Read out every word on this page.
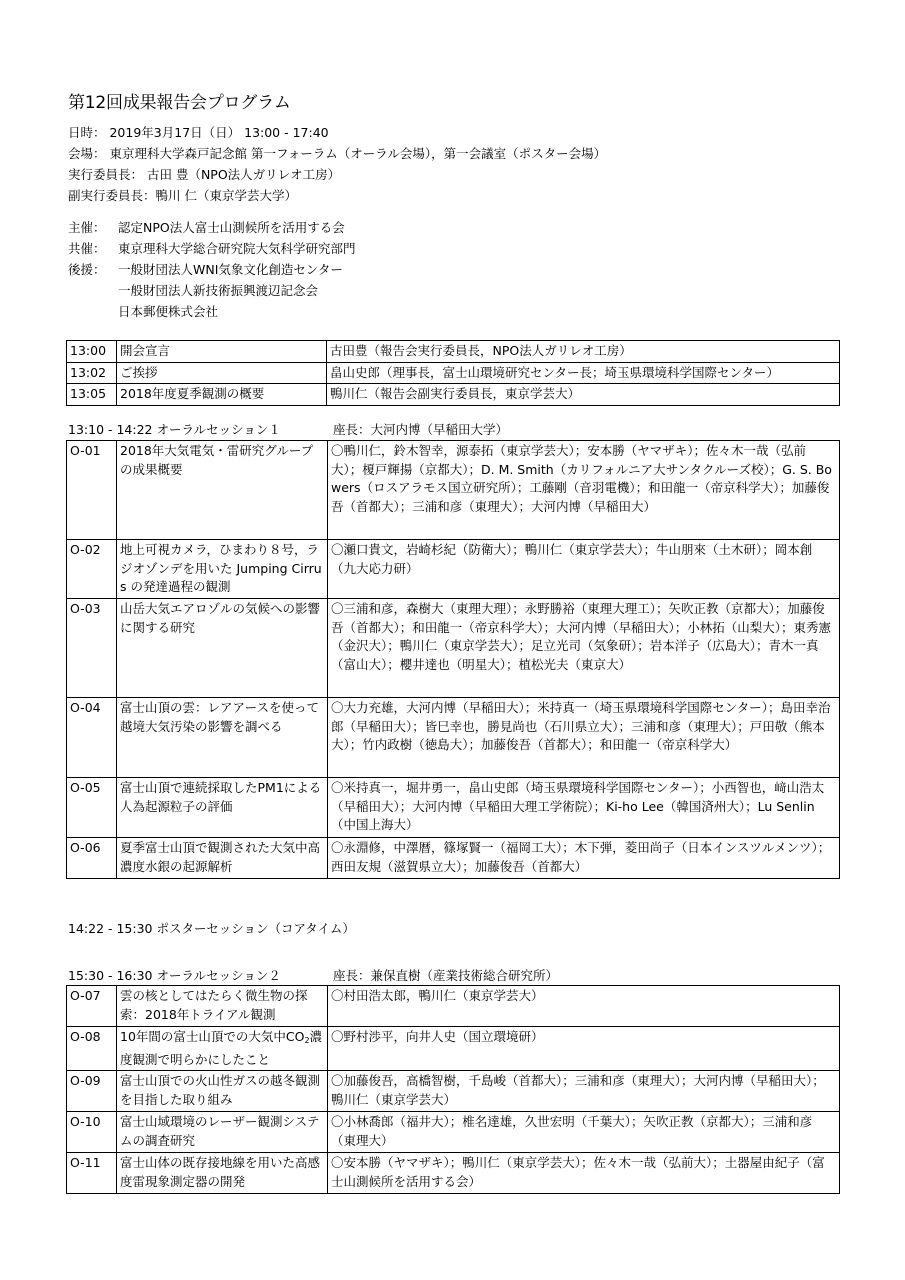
第12回成果報告会プログラム
日時： 2019年3月17日（日） 13:00 - 17:40
会場： 東京理科大学森戸記念館 第一フォーラム（オーラル会場），第一会議室（ポスター会場）
実行委員長： 古田 豊（NPO法人ガリレオ工房）
副実行委員長：鴨川 仁（東京学芸大学）
主催： 認定NPO法人富士山測候所を活用する会
共催： 東京理科大学総合研究院大気科学研究部門
後援： 一般財団法人WNI気象文化創造センター
一般財団法人新技術振興渡辺記念会
日本郵便株式会社
13:00	開会宣言	古田豊（報告会実行委員長，NPO法人ガリレオ工房）
13:02	ご挨拶	畠山史郎（理事長，富士山環境研究センター長；埼玉県環境科学国際センター）
13:05	2018年度夏季観測の概要	鴨川仁（報告会副実行委員長，東京学芸大）
13:10 - 14:22 オーラルセッション１	座長：大河内博（早稲田大学）
O-01	2018年大気電気・雷研究グループの成果概要	〇鴨川仁，鈴木智幸，源泰拓（東京学芸大）；安本勝（ヤマザキ）；佐々木一哉（弘前大）；榎戸輝揚（京都大）；D. M. Smith（カリフォルニア大サンタクルーズ校）；G. S. Bowers（ロスアラモス国立研究所）；工藤剛（音羽電機）；和田龍一（帝京科学大）；加藤俊吾（首都大）；三浦和彦（東理大）；大河内博（早稲田大）
O-02	地上可視カメラ，ひまわり８号，ラジオゾンデを用いた Jumping Cirrus の発達過程の観測	〇瀬口貴文，岩崎杉紀（防衛大）；鴨川仁（東京学芸大）；牛山朋來（土木研）；岡本創（九大応力研）
O-03	山岳大気エアロゾルの気候への影響に関する研究	〇三浦和彦，森樹大（東理大理）；永野勝裕（東理大理工）；矢吹正教（京都大）；加藤俊吾（首都大）；和田龍一（帝京科学大）；大河内博（早稲田大）；小林拓（山梨大）；東秀憲（金沢大）；鴨川仁（東京学芸大）；足立光司（気象研）；岩本洋子（広島大）；青木一真（富山大）；櫻井達也（明星大）；植松光夫（東京大）
O-04	富士山頂の雲：レアアースを使って越境大気汚染の影響を調べる	〇大力充雄，大河内博（早稲田大）；米持真一（埼玉県環境科学国際センター）；島田幸治郎（早稲田大）；皆巳幸也，勝見尚也（石川県立大）；三浦和彦（東理大）；戸田敬（熊本大）；竹内政樹（徳島大）；加藤俊吾（首都大）；和田龍一（帝京科学大）
O-05	富士山頂で連続採取したPM1による人為起源粒子の評価	〇米持真一，堀井勇一，畠山史郎（埼玉県環境科学国際センター）；小西智也，﨑山浩太（早稲田大）；大河内博（早稲田大理工学術院）；Ki-ho Lee（韓国済州大）；Lu Senlin（中国上海大）
O-06	夏季富士山頂で観測された大気中高濃度水銀の起源解析	〇永淵修，中澤暦，篠塚賢一（福岡工大）；木下弾，菱田尚子（日本インスツルメンツ）；西田友規（滋賀県立大）；加藤俊吾（首都大）
14:22 - 15:30 ポスターセッション（コアタイム）
15:30 - 16:30 オーラルセッション２	座長：兼保直樹（産業技術総合研究所）
O-07	雲の核としてはたらく微生物の探索：2018年トライアル観測	〇村田浩太郎，鴨川仁（東京学芸大）
O-08	10年間の富士山頂での大気中$CO_2$濃度観測で明らかにしたこと	〇野村渉平，向井人史（国立環境研）
O-09	富士山頂での火山性ガスの越冬観測を目指した取り組み	〇加藤俊吾，高橋智樹，千島峻（首都大）；三浦和彦（東理大）；大河内博（早稲田大）；鴨川仁（東京学芸大）
O-10	富士山域環境のレーザー観測システムの調査研究	〇小林喬郎（福井大）；椎名達雄，久世宏明（千葉大）；矢吹正教（京都大）；三浦和彦（東理大）
O-11	富士山体の既存接地線を用いた高感度雷現象測定器の開発	〇安本勝（ヤマザキ）；鴨川仁（東京学芸大）；佐々木一哉（弘前大）；土器屋由紀子（富士山測候所を活用する会）
